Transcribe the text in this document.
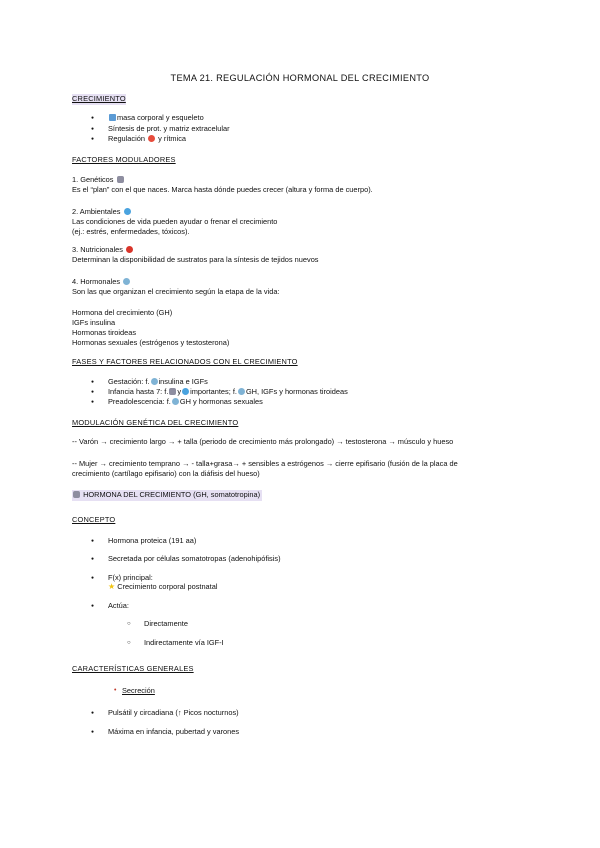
TEMA 21. REGULACIÓN HORMONAL DEL CRECIMIENTO
CRECIMIENTO
● masa corporal y esqueleto
● Síntesis de prot. y matriz extracelular
● Regulación y rítmica
FACTORES MODULADORES
1. Genéticos
Es el “plan” con el que naces. Marca hasta dónde puedes crecer (altura y forma de cuerpo).
2. Ambientales
Las condiciones de vida pueden ayudar o frenar el crecimiento
(ej.: estrés, enfermedades, tóxicos).
3. Nutricionales
Determinan la disponibilidad de sustratos para la síntesis de tejidos nuevos
4. Hormonales
Son las que organizan el crecimiento según la etapa de la vida:
Hormona del crecimiento (GH)
IGFs insulina
Hormonas tiroideas
Hormonas sexuales (estrógenos y testosterona)
FASES Y FACTORES RELACIONADOS CON EL CRECIMIENTO
● Gestación: f. insulina e IGFs
● Infancia hasta 7: f. y importantes; f. GH, IGFs y hormonas tiroideas
● Preadolescencia: f. GH y hormonas sexuales
MODULACIÓN GENÉTICA DEL CRECIMIENTO
-- Varón → crecimiento largo → + talla (periodo de crecimiento más prolongado) → testosterona → músculo y hueso
-- Mujer → crecimiento temprano → - talla+grasa→ + sensibles a estrógenos → cierre epifisario (fusión de la placa de
crecimiento (cartílago epifisario) con la diáfisis del hueso)
HORMONA DEL CRECIMIENTO (GH, somatotropina)
CONCEPTO
● Hormona proteica (191 aa)
● Secretada por células somatotropas (adenohipófisis)
● F(x) principal:
★ Crecimiento corporal postnatal
● Actúa:
○ Directamente
○ Indirectamente vía IGF-I
CARACTERÍSTICAS GENERALES
• Secreción
● Pulsátil y circadiana (↑ Picos nocturnos)
● Máxima en infancia, pubertad y varones
